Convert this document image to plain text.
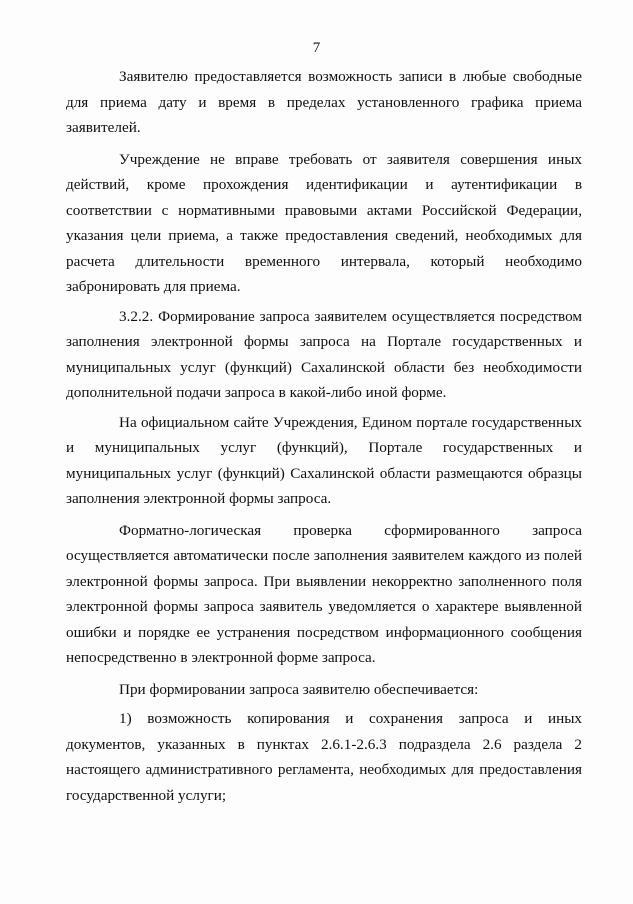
7

Заявителю предоставляется возможность записи в любые свободные для приема дату и время в пределах установленного графика приема заявителей.

Учреждение не вправе требовать от заявителя совершения иных действий, кроме прохождения идентификации и аутентификации в соответствии с нормативными правовыми актами Российской Федерации, указания цели приема, а также предоставления сведений, необходимых для расчета длительности временного интервала, который необходимо забронировать для приема.

3.2.2. Формирование запроса заявителем осуществляется посредством заполнения электронной формы запроса на Портале государственных и муниципальных услуг (функций) Сахалинской области без необходимости дополнительной подачи запроса в какой-либо иной форме.

На официальном сайте Учреждения, Едином портале государственных и муниципальных услуг (функций), Портале государственных и муниципальных услуг (функций) Сахалинской области размещаются образцы заполнения электронной формы запроса.

Форматно-логическая проверка сформированного запроса осуществляется автоматически после заполнения заявителем каждого из полей электронной формы запроса. При выявлении некорректно заполненного поля электронной формы запроса заявитель уведомляется о характере выявленной ошибки и порядке ее устранения посредством информационного сообщения непосредственно в электронной форме запроса.

При формировании запроса заявителю обеспечивается:

1) возможность копирования и сохранения запроса и иных документов, указанных в пунктах 2.6.1-2.6.3 подраздела 2.6 раздела 2 настоящего административного регламента, необходимых для предоставления государственной услуги;
